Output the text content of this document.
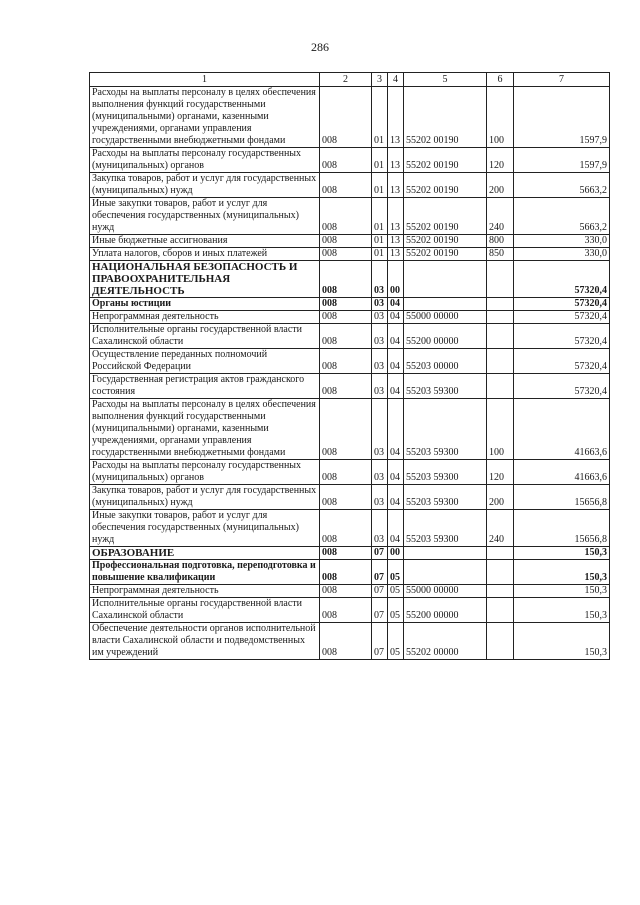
286
1	2	3	4	5	6	7
Расходы на выплаты персоналу в целях обеспечения выполнения функций государственными (муниципальными) органами, казенными учреждениями, органами управления государственными внебюджетными фондами	008	01	13	55202 00190	100	1597,9
Расходы на выплаты персоналу государственных (муниципальных) органов	008	01	13	55202 00190	120	1597,9
Закупка товаров, работ и услуг для государственных (муниципальных) нужд	008	01	13	55202 00190	200	5663,2
Иные закупки товаров, работ и услуг для обеспечения государственных (муниципальных) нужд	008	01	13	55202 00190	240	5663,2
Иные бюджетные ассигнования	008	01	13	55202 00190	800	330,0
Уплата налогов, сборов и иных платежей	008	01	13	55202 00190	850	330,0
НАЦИОНАЛЬНАЯ БЕЗОПАСНОСТЬ И ПРАВООХРАНИТЕЛЬНАЯ ДЕЯТЕЛЬНОСТЬ	008	03	00			57320,4
Органы юстиции	008	03	04			57320,4
Непрограммная деятельность	008	03	04	55000 00000		57320,4
Исполнительные органы государственной власти Сахалинской области	008	03	04	55200 00000		57320,4
Осуществление переданных полномочий Российской Федерации	008	03	04	55203 00000		57320,4
Государственная регистрация актов гражданского состояния	008	03	04	55203 59300		57320,4
Расходы на выплаты персоналу в целях обеспечения выполнения функций государственными (муниципальными) органами, казенными учреждениями, органами управления государственными внебюджетными фондами	008	03	04	55203 59300	100	41663,6
Расходы на выплаты персоналу государственных (муниципальных) органов	008	03	04	55203 59300	120	41663,6
Закупка товаров, работ и услуг для государственных (муниципальных) нужд	008	03	04	55203 59300	200	15656,8
Иные закупки товаров, работ и услуг для обеспечения государственных (муниципальных) нужд	008	03	04	55203 59300	240	15656,8
ОБРАЗОВАНИЕ	008	07	00			150,3
Профессиональная подготовка, переподготовка и повышение квалификации	008	07	05			150,3
Непрограммная деятельность	008	07	05	55000 00000		150,3
Исполнительные органы государственной власти Сахалинской области	008	07	05	55200 00000		150,3
Обеспечение деятельности органов исполнительной власти Сахалинской области и подведомственных им учреждений	008	07	05	55202 00000		150,3
